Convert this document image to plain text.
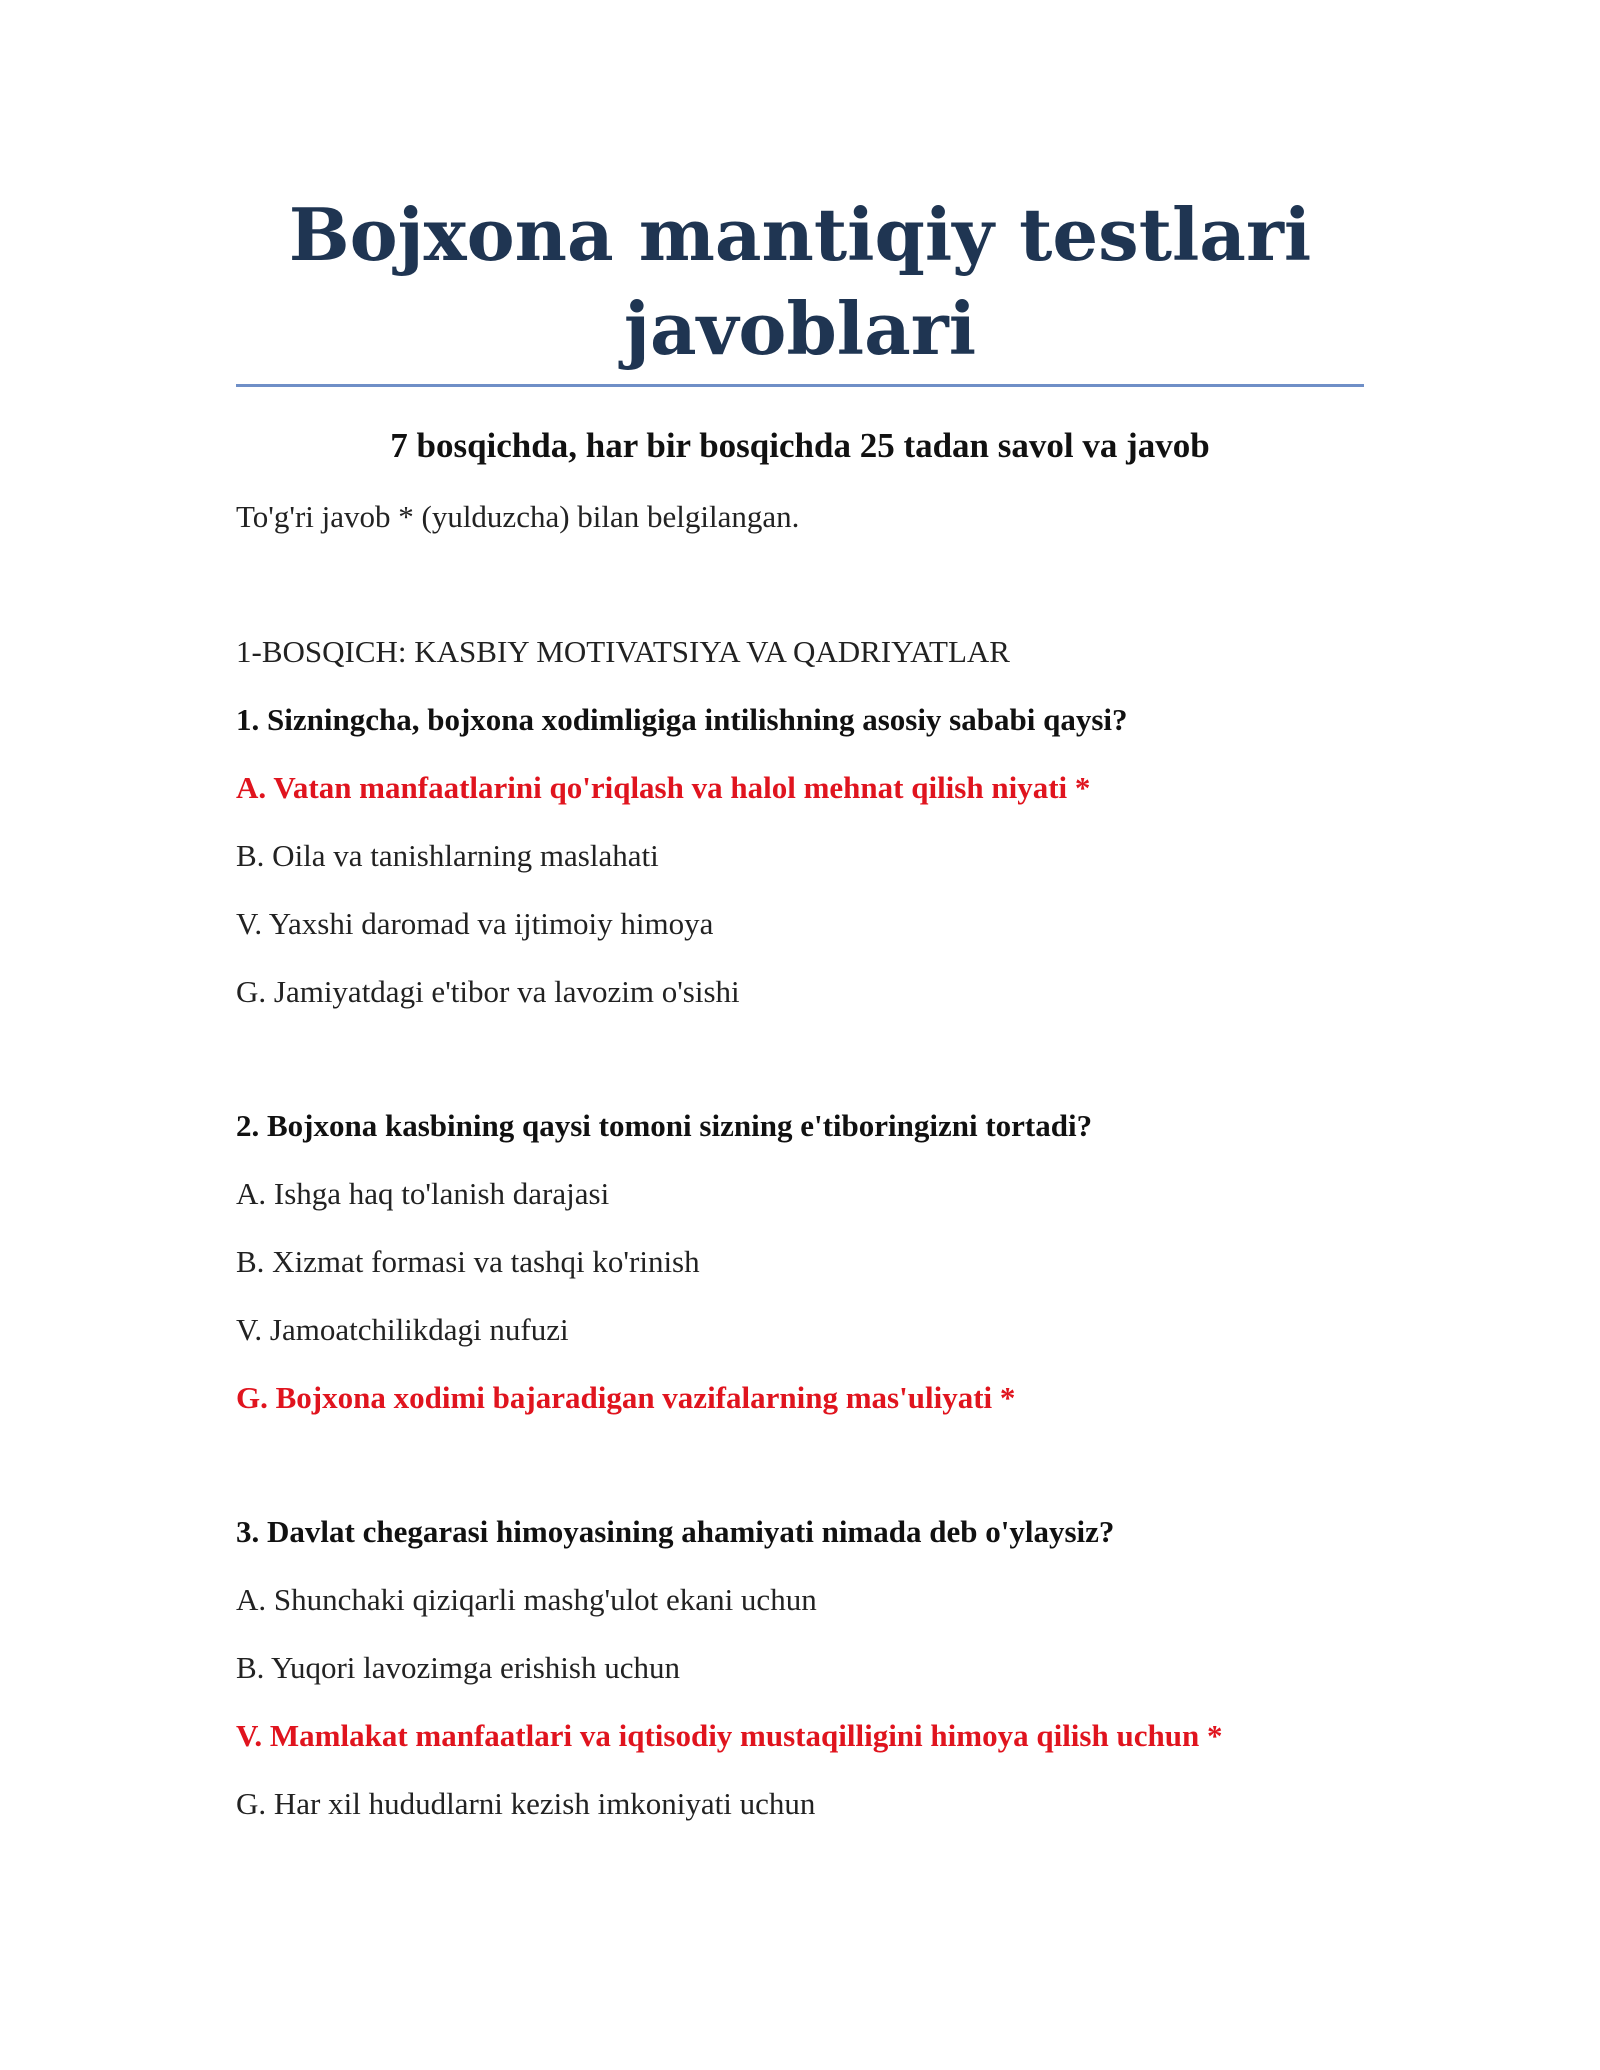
Bojxona mantiqiy testlari
javoblari
7 bosqichda, har bir bosqichda 25 tadan savol va javob
To'g'ri javob * (yulduzcha) bilan belgilangan.
1-BOSQICH: KASBIY MOTIVATSIYA VA QADRIYATLAR
1. Sizningcha, bojxona xodimligiga intilishning asosiy sababi qaysi?
A. Vatan manfaatlarini qo'riqlash va halol mehnat qilish niyati *
B. Oila va tanishlarning maslahati
V. Yaxshi daromad va ijtimoiy himoya
G. Jamiyatdagi e'tibor va lavozim o'sishi
2. Bojxona kasbining qaysi tomoni sizning e'tiboringizni tortadi?
A. Ishga haq to'lanish darajasi
B. Xizmat formasi va tashqi ko'rinish
V. Jamoatchilikdagi nufuzi
G. Bojxona xodimi bajaradigan vazifalarning mas'uliyati *
3. Davlat chegarasi himoyasining ahamiyati nimada deb o'ylaysiz?
A. Shunchaki qiziqarli mashg'ulot ekani uchun
B. Yuqori lavozimga erishish uchun
V. Mamlakat manfaatlari va iqtisodiy mustaqilligini himoya qilish uchun *
G. Har xil hududlarni kezish imkoniyati uchun
